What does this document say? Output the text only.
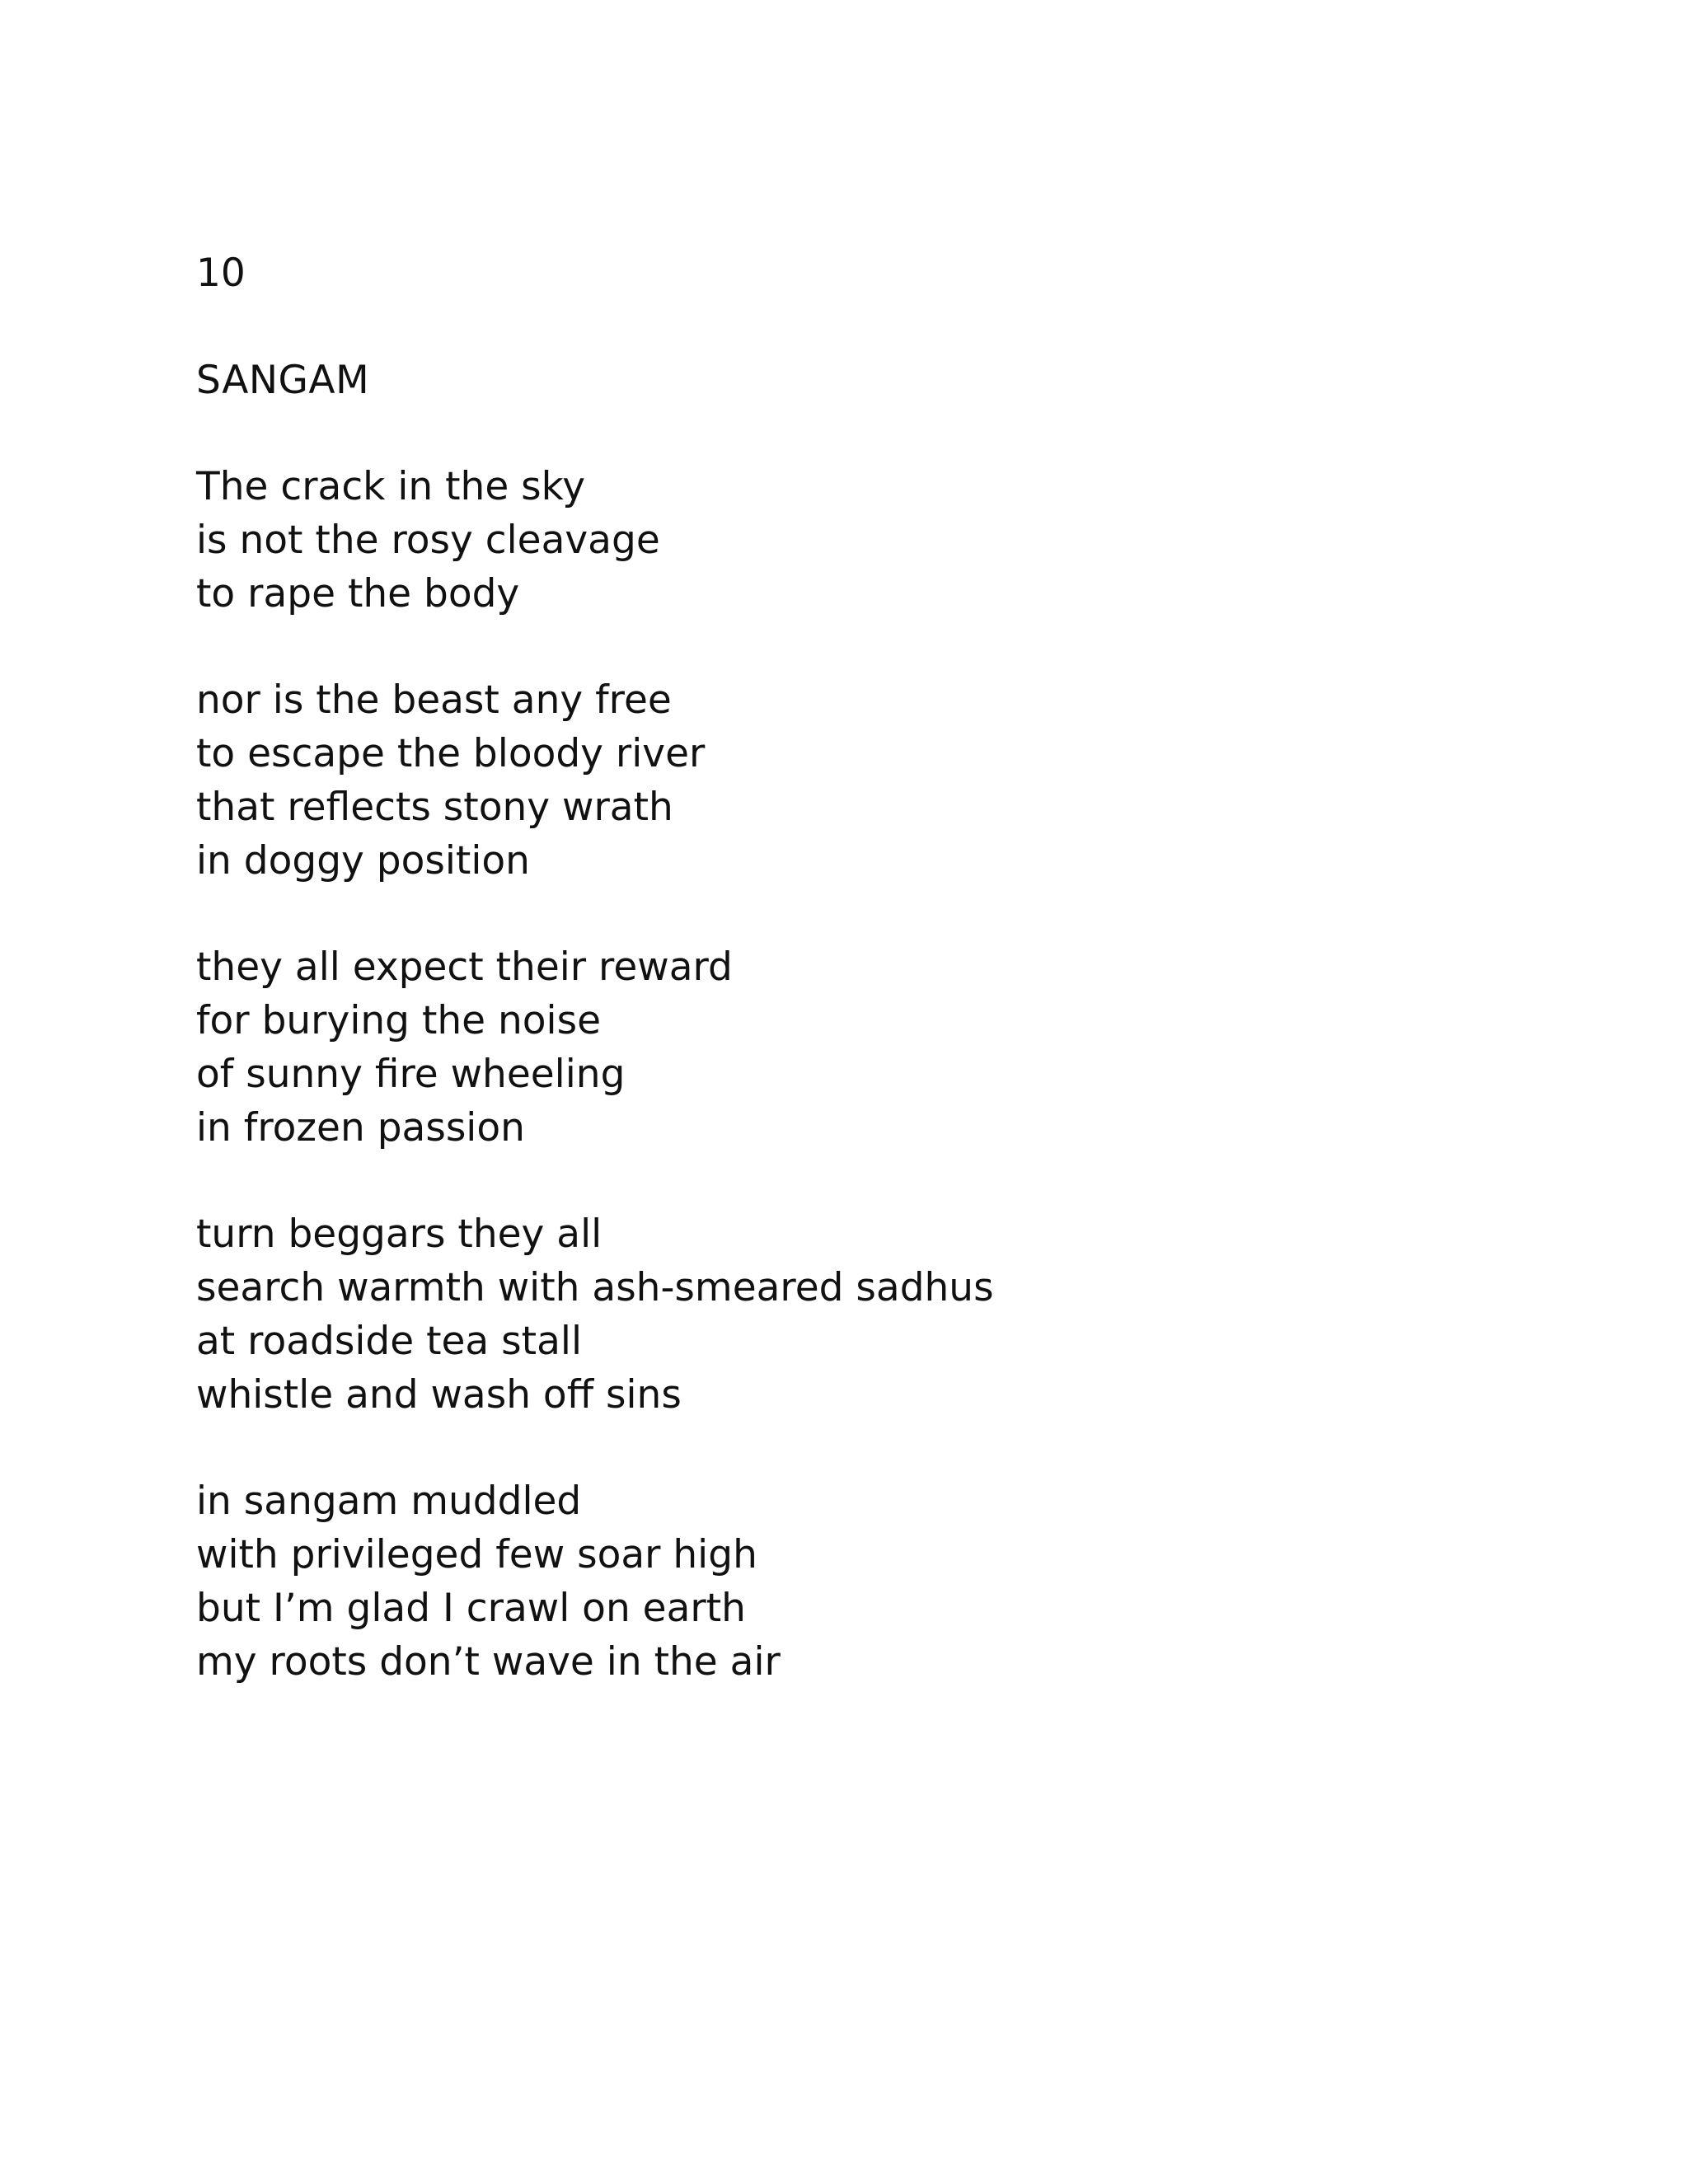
10
SANGAM
The crack in the sky
is not the rosy cleavage
to rape the body
nor is the beast any free
to escape the bloody river
that reflects stony wrath
in doggy position
they all expect their reward
for burying the noise
of sunny fire wheeling
in frozen passion
turn beggars they all
search warmth with ash-smeared sadhus
at roadside tea stall
whistle and wash off sins
in sangam muddled
with privileged few soar high
but I’m glad I crawl on earth
my roots don’t wave in the air
